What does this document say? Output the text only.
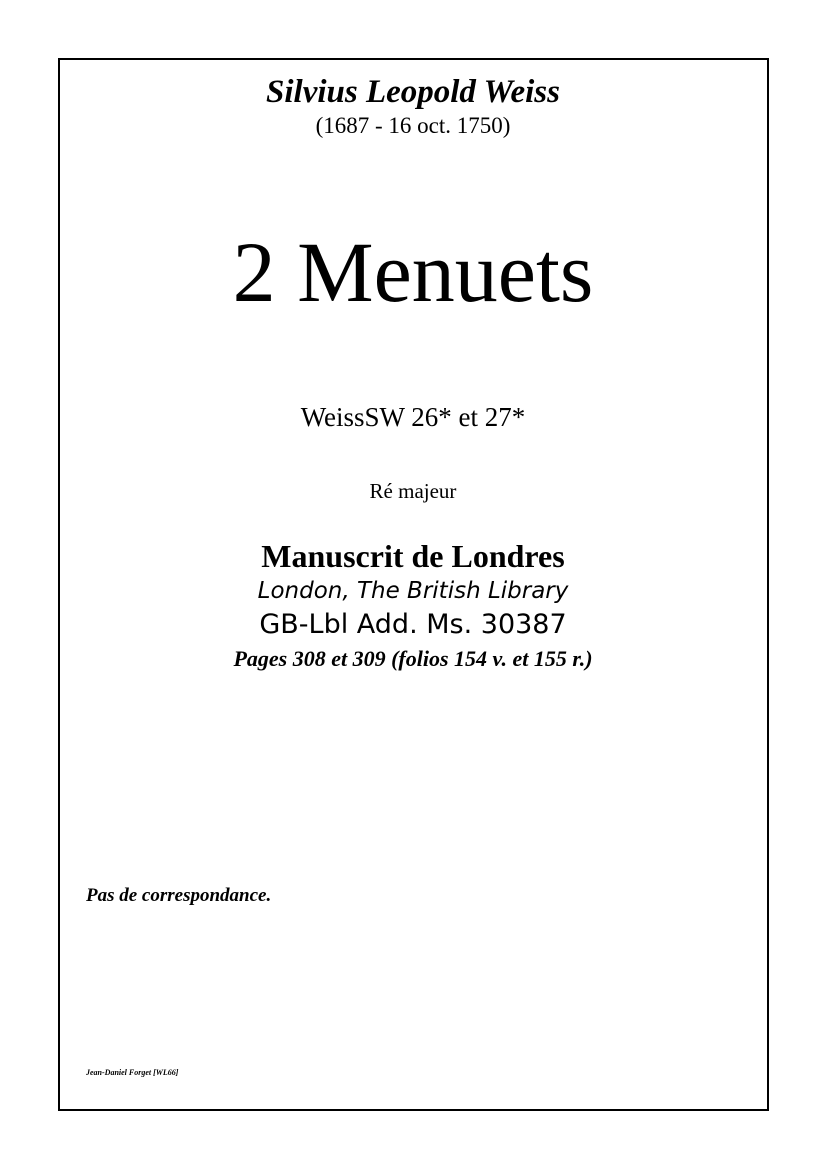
Silvius Leopold Weiss
(1687 - 16 oct. 1750)
2 Menuets
WeissSW 26* et 27*
Ré majeur
Manuscrit de Londres
London, The British Library
GB-Lbl Add. Ms. 30387
Pages 308 et 309 (folios 154 v. et 155 r.)
Pas de correspondance.
Jean-Daniel Forget [WL66]
